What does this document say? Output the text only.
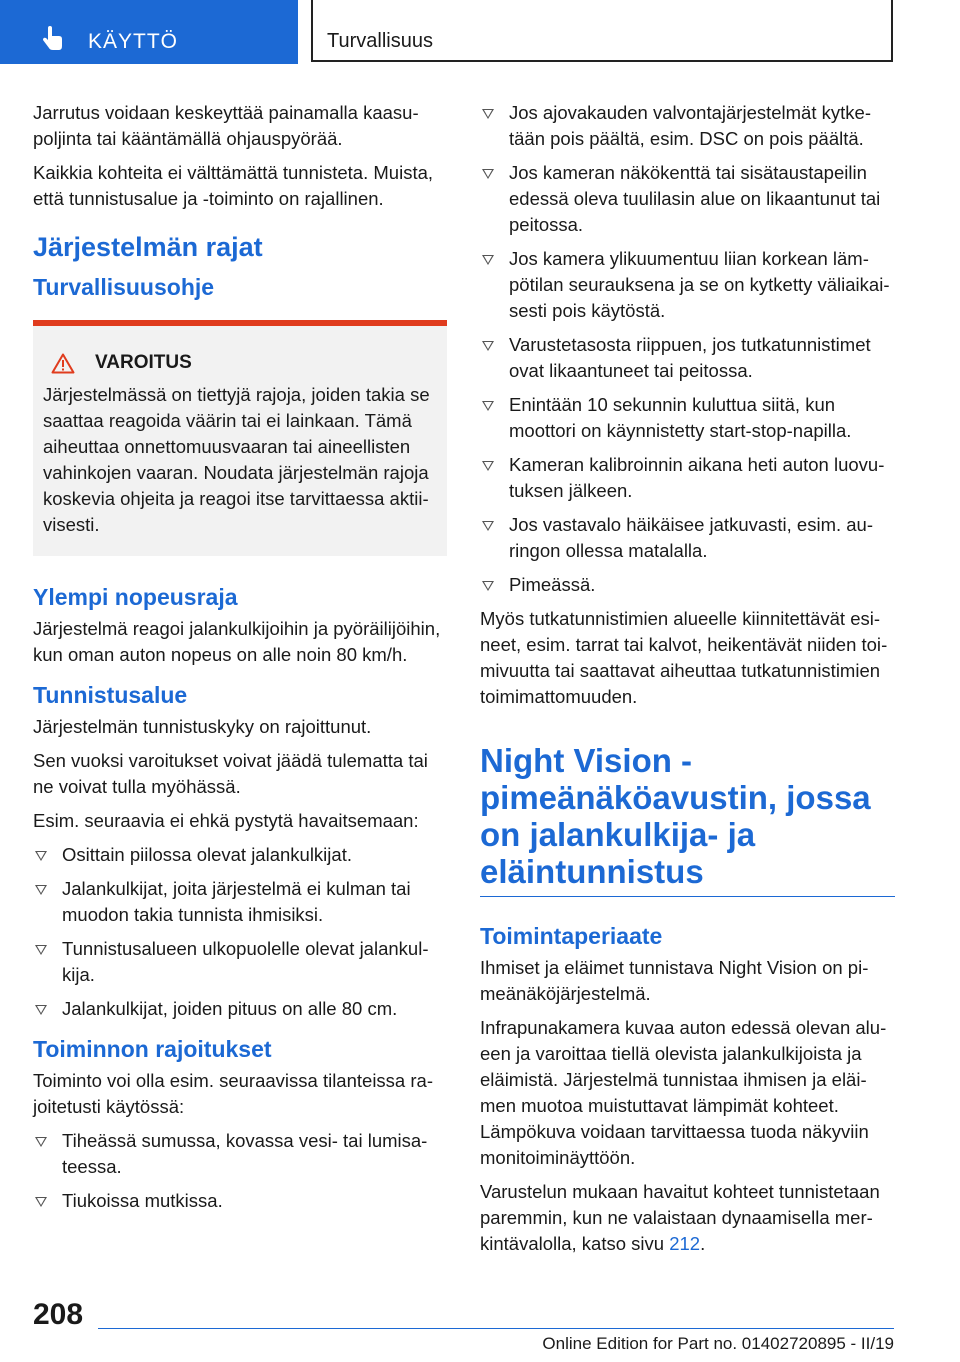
KÄYTTÖ	Turvallisuus

Jarrutus voidaan keskeyttää painamalla kaasupoljinta tai kääntämällä ohjauspyörää.

Kaikkia kohteita ei välttämättä tunnisteta. Muista, että tunnistusalue ja -toiminto on rajallinen.

Järjestelmän rajat
Turvallisuusohje
VAROITUS
Järjestelmässä on tiettyjä rajoja, joiden takia se saattaa reagoida väärin tai ei lainkaan. Tämä aiheuttaa onnettomuusvaaran tai aineellisten vahinkojen vaaran. Noudata järjestelmän rajoja koskevia ohjeita ja reagoi itse tarvittaessa aktiivisesti.
Ylempi nopeusraja

Järjestelmä reagoi jalankulkijoihin ja pyöräilijöihin, kun oman auton nopeus on alle noin 80 km/h.

Tunnistusalue

Järjestelmän tunnistuskyky on rajoittunut.

Sen vuoksi varoitukset voivat jäädä tulematta tai ne voivat tulla myöhässä.

Esim. seuraavia ei ehkä pystytä havaitsemaan:

Osittain piilossa olevat jalankulkijat.
Jalankulkijat, joita järjestelmä ei kulman tai muodon takia tunnista ihmisiksi.
Tunnistusalueen ulkopuolelle olevat jalankulkija.
Jalankulkijat, joiden pituus on alle 80 cm.
Toiminnon rajoitukset

Toiminto voi olla esim. seuraavissa tilanteissa rajoitetusti käytössä:

Tiheässä sumussa, kovassa vesi- tai lumisateessa.
Tiukoissa mutkissa.
Jos ajovakauden valvontajärjestelmät kytketään pois päältä, esim. DSC on pois päältä.
Jos kameran näkökenttä tai sisätaustapeilin edessä oleva tuulilasin alue on likaantunut tai peitossa.
Jos kamera ylikuumentuu liian korkean lämpötilan seurauksena ja se on kytketty väliaikaisesti pois käytöstä.
Varustetasosta riippuen, jos tutkatunnistimet ovat likaantuneet tai peitossa.
Enintään 10 sekunnin kuluttua siitä, kun moottori on käynnistetty start-stop-napilla.
Kameran kalibroinnin aikana heti auton luovutuksen jälkeen.
Jos vastavalo häikäisee jatkuvasti, esim. auringon ollessa matalalla.
Pimeässä.

Myös tutkatunnistimien alueelle kiinnitettävät esineet, esim. tarrat tai kalvot, heikentävät niiden toimivuutta tai saattavat aiheuttaa tutkatunnistimien toimimattomuuden.

Night Vision -pimeänäköavustin, jossa on jalankulkija- ja eläintunnistus
Toimintaperiaate

Ihmiset ja eläimet tunnistava Night Vision on pimeänäköjärjestelmä.

Infrapunakamera kuvaa auton edessä olevan alueen ja varoittaa tiellä olevista jalankulkijoista ja eläimistä. Järjestelmä tunnistaa ihmisen ja eläimen muotoa muistuttavat lämpimät kohteet. Lämpökuva voidaan tarvittaessa tuoda näkyviin monitoiminäyttöön.

Varustelun mukaan havaitut kohteet tunnistetaan paremmin, kun ne valaistaan dynaamisella merkintävalolla, katso sivu 212.

208
Online Edition for Part no. 01402720895 - II/19
